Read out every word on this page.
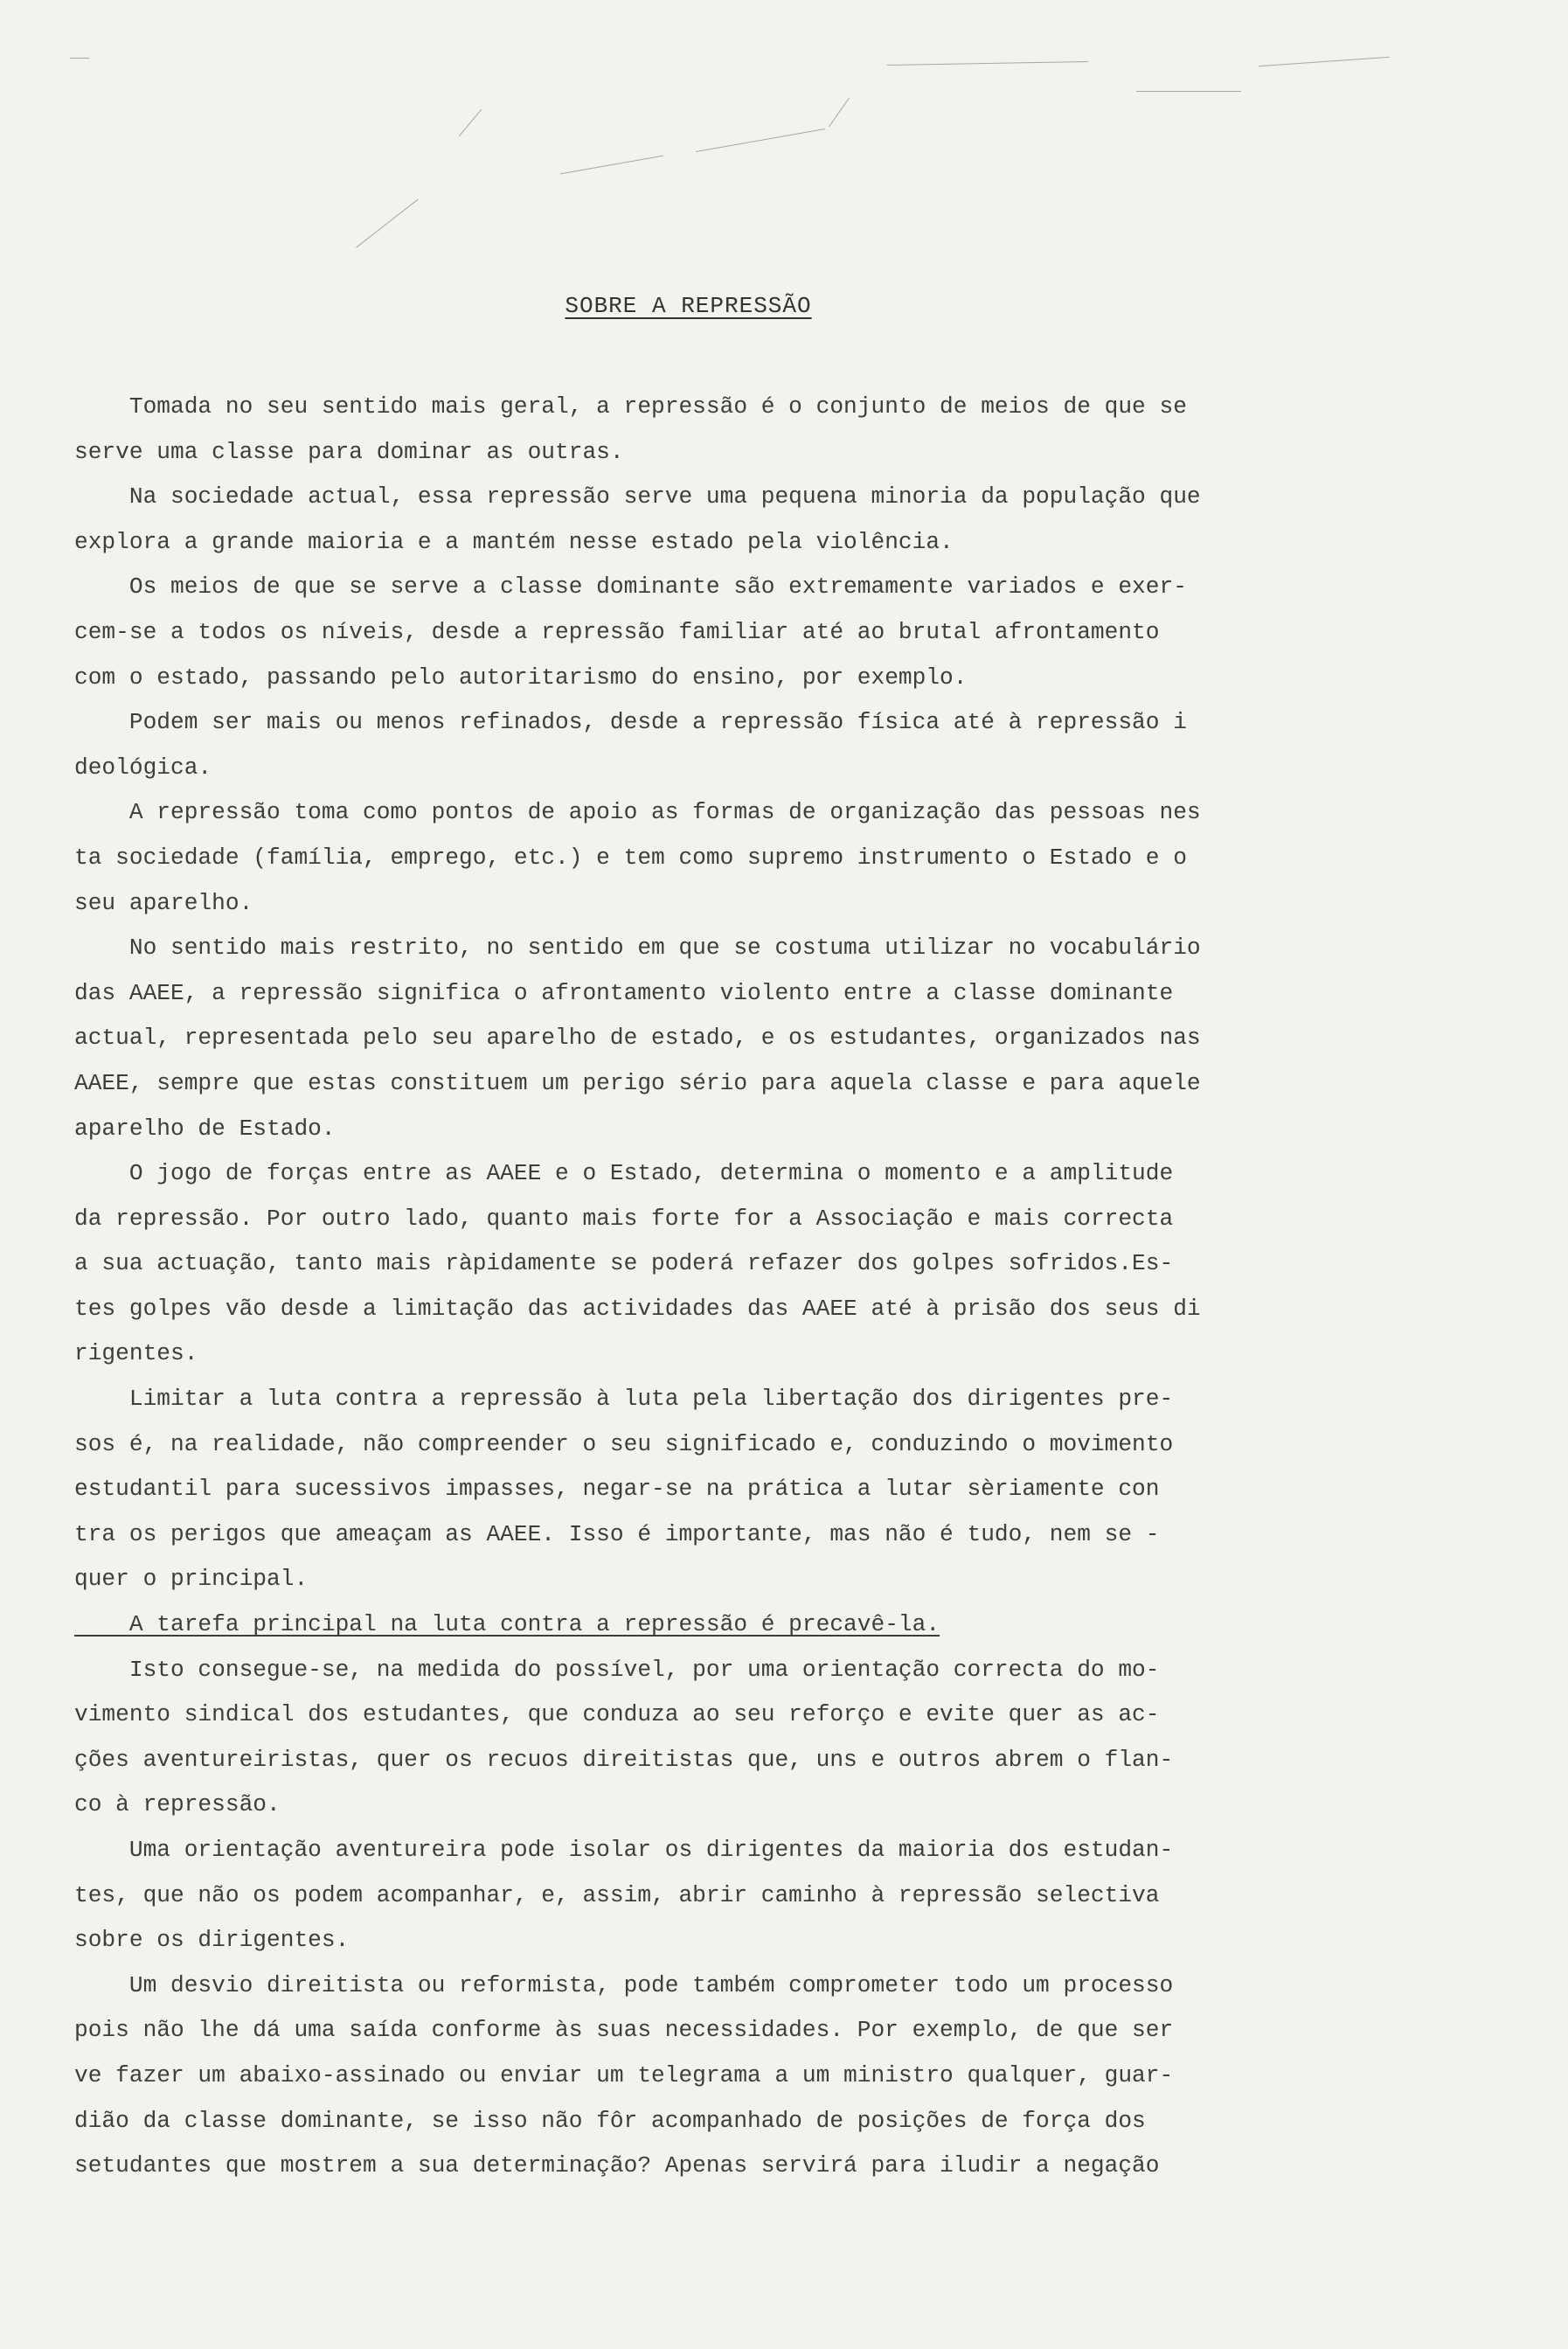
SOBRE A REPRESSÃO
Tomada no seu sentido mais geral, a repressão é o conjunto de meios de que se
serve uma classe para dominar as outras.
Na sociedade actual, essa repressão serve uma pequena minoria da população que
explora a grande maioria e a mantém nesse estado pela violência.
Os meios de que se serve a classe dominante são extremamente variados e exer-
cem-se a todos os níveis, desde a repressão familiar até ao brutal afrontamento
com o estado, passando pelo autoritarismo do ensino, por exemplo.
Podem ser mais ou menos refinados, desde a repressão física até à repressão i
deológica.
A repressão toma como pontos de apoio as formas de organização das pessoas nes
ta sociedade (família, emprego, etc.) e tem como supremo instrumento o Estado e o
seu aparelho.
No sentido mais restrito, no sentido em que se costuma utilizar no vocabulário
das AAEE, a repressão significa o afrontamento violento entre a classe dominante
actual, representada pelo seu aparelho de estado, e os estudantes, organizados nas
AAEE, sempre que estas constituem um perigo sério para aquela classe e para aquele
aparelho de Estado.
O jogo de forças entre as AAEE e o Estado, determina o momento e a amplitude
da repressão. Por outro lado, quanto mais forte for a Associação e mais correcta
a sua actuação, tanto mais ràpidamente se poderá refazer dos golpes sofridos.Es-
tes golpes vão desde a limitação das actividades das AAEE até à prisão dos seus di
rigentes.
Limitar a luta contra a repressão à luta pela libertação dos dirigentes pre-
sos é, na realidade, não compreender o seu significado e, conduzindo o movimento
estudantil para sucessivos impasses, negar-se na prática a lutar sèriamente con
tra os perigos que ameaçam as AAEE. Isso é importante, mas não é tudo, nem se -
quer o principal.
A tarefa principal na luta contra a repressão é precavê-la.
Isto consegue-se, na medida do possível, por uma orientação correcta do mo-
vimento sindical dos estudantes, que conduza ao seu reforço e evite quer as ac-
ções aventureiristas, quer os recuos direitistas que, uns e outros abrem o flan-
co à repressão.
Uma orientação aventureira pode isolar os dirigentes da maioria dos estudan-
tes, que não os podem acompanhar, e, assim, abrir caminho à repressão selectiva
sobre os dirigentes.
Um desvio direitista ou reformista, pode também comprometer todo um processo
pois não lhe dá uma saída conforme às suas necessidades. Por exemplo, de que ser
ve fazer um abaixo-assinado ou enviar um telegrama a um ministro qualquer, guar-
dião da classe dominante, se isso não fôr acompanhado de posições de força dos
setudantes que mostrem a sua determinação? Apenas servirá para iludir a negação
